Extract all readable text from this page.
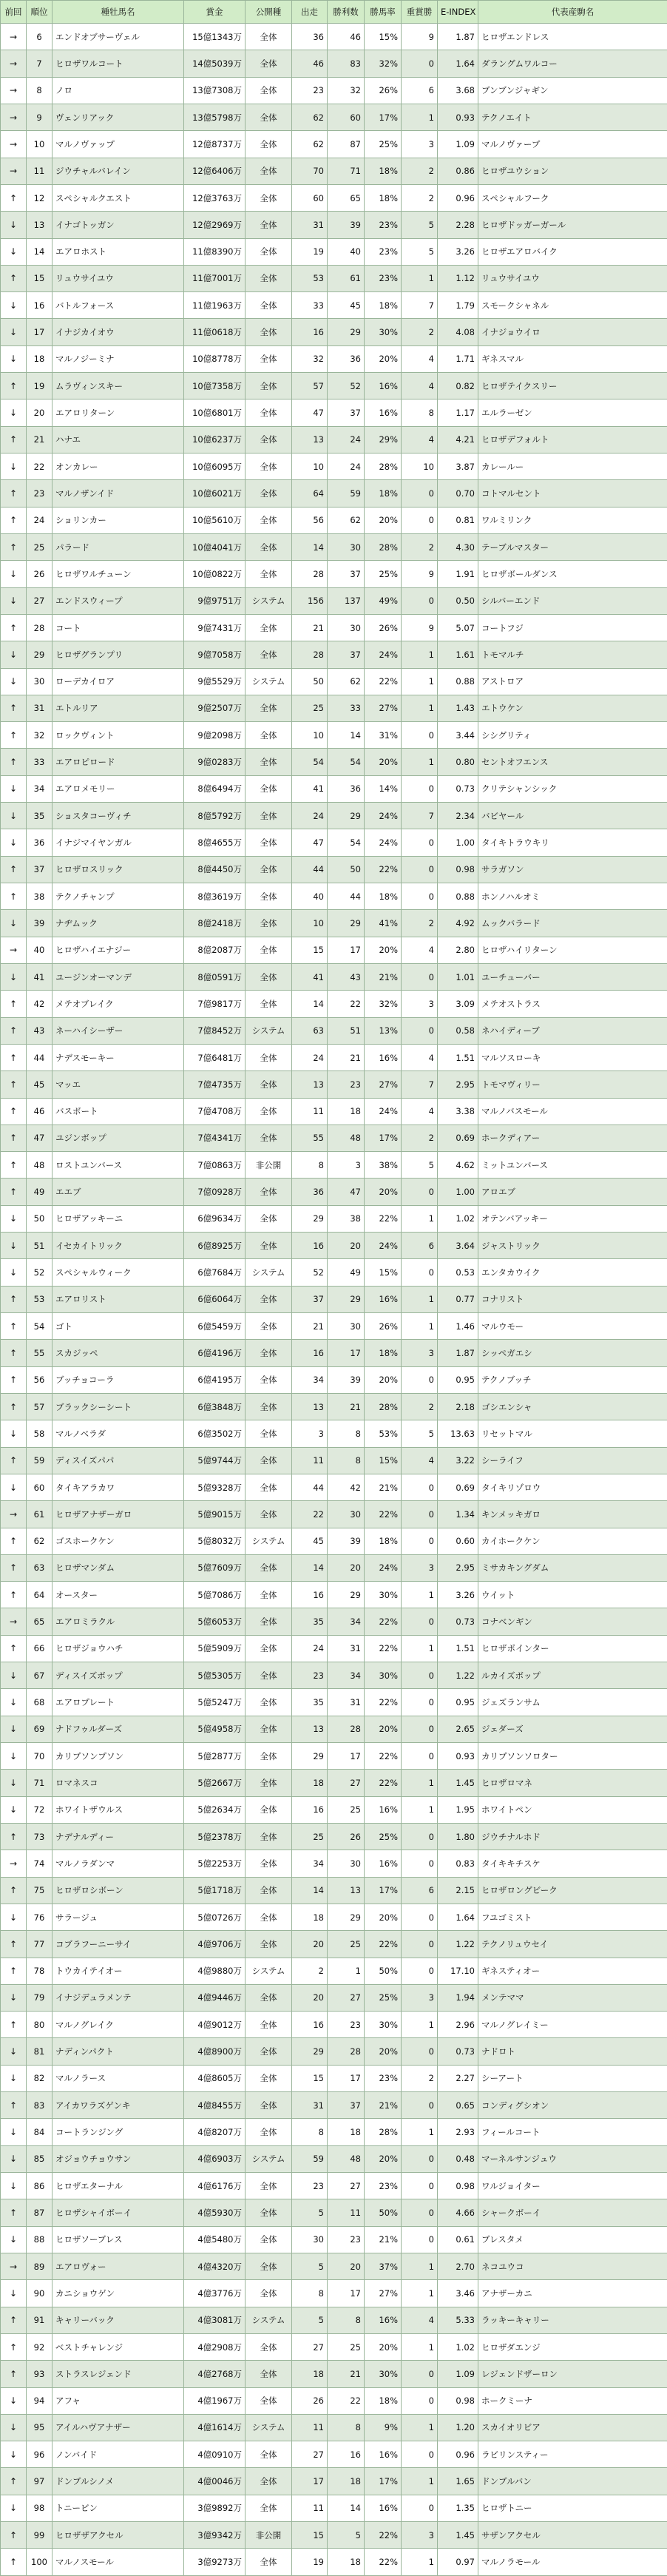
前回	順位	種牡馬名	賞金	公開種	出走	勝利数	勝馬率	重賞勝	E-INDEX	代表産駒名
→	6	エンドオブサーヴェル	15億1343万	全体	36	46	15%	9	1.87	ヒロザエンドレス
→	7	ヒロザワルコート	14億5039万	全体	46	83	32%	0	1.64	ダラングムワルコー
→	8	ノロ	13億7308万	全体	23	32	26%	6	3.68	ブンブンジャギン
→	9	ヴェンリアック	13億5798万	全体	62	60	17%	1	0.93	テクノエイト
→	10	マルノヴァップ	12億8737万	全体	62	87	25%	3	1.09	マルノヴァープ
→	11	ジウチャルバレイン	12億6406万	全体	70	71	18%	2	0.86	ヒロザユウション
↑	12	スペシャルクエスト	12億3763万	全体	60	65	18%	2	0.96	スペシャルフーク
↓	13	イナゴトッガン	12億2969万	全体	31	39	23%	5	2.28	ヒロザドッガーガール
↓	14	エアロホスト	11億8390万	全体	19	40	23%	5	3.26	ヒロザエアロバイク
↑	15	リュウサイユウ	11億7001万	全体	53	61	23%	1	1.12	リュウサイユウ
↓	16	バトルフォース	11億1963万	全体	33	45	18%	7	1.79	スモークシャネル
↓	17	イナジカイオウ	11億0618万	全体	16	29	30%	2	4.08	イナジョウイロ
↓	18	マルノジーミナ	10億8778万	全体	32	36	20%	4	1.71	ギネスマル
↑	19	ムラヴィンスキー	10億7358万	全体	57	52	16%	4	0.82	ヒロザテイクスリー
↓	20	エアロリターン	10億6801万	全体	47	37	16%	8	1.17	エルラーゼン
↑	21	ハナエ	10億6237万	全体	13	24	29%	4	4.21	ヒロザデフォルト
↓	22	オンカレー	10億6095万	全体	10	24	28%	10	3.87	カレールー
↑	23	マルノザンイド	10億6021万	全体	64	59	18%	0	0.70	コトマルセント
↑	24	ショリンカー	10億5610万	全体	56	62	20%	0	0.81	ワルミリンク
↑	25	パラード	10億4041万	全体	14	30	28%	2	4.30	テーブルマスター
↓	26	ヒロザワルチューン	10億0822万	全体	28	37	25%	9	1.91	ヒロザボールダンス
↓	27	エンドスウィープ	9億9751万	システム	156	137	49%	0	0.50	シルバーエンド
↑	28	コート	9億7431万	全体	21	30	26%	9	5.07	コートフジ
↓	29	ヒロザグランプリ	9億7058万	全体	28	37	24%	1	1.61	トモマルチ
↓	30	ローデカイロア	9億5529万	システム	50	62	22%	1	0.88	アストロア
↑	31	エトルリア	9億2507万	全体	25	33	27%	1	1.43	エトウケン
↑	32	ロックヴィント	9億2098万	全体	10	14	31%	0	3.44	シシグリティ
↑	33	エアロピロード	9億0283万	全体	54	54	20%	1	0.80	セントオフエンス
↓	34	エアロメモリー	8億6494万	全体	41	36	14%	0	0.73	クリテシャンシック
↓	35	ショスタコーヴィチ	8億5792万	全体	24	29	24%	7	2.34	バビヤール
↓	36	イナジマイヤンガル	8億4655万	全体	47	54	24%	0	1.00	タイキトラウキリ
↑	37	ヒロザロスリック	8億4450万	全体	44	50	22%	0	0.98	サラガソン
↑	38	テクノチャンプ	8億3619万	全体	40	44	18%	0	0.88	ホンノハルオミ
↓	39	ナヂムック	8億2418万	全体	10	29	41%	2	4.92	ムックバラード
→	40	ヒロザハイエナジー	8億2087万	全体	15	17	20%	4	2.80	ヒロザハイリターン
↓	41	ユージンオーマンデ	8億0591万	全体	41	43	21%	0	1.01	ユーチューバー
↑	42	メテオブレイク	7億9817万	全体	14	22	32%	3	3.09	メテオストラス
↑	43	ネーハイシーザー	7億8452万	システム	63	51	13%	0	0.58	ネハイディーブ
↑	44	ナデスモーキー	7億6481万	全体	24	21	16%	4	1.51	マルソスローキ
↑	45	マッエ	7億4735万	全体	13	23	27%	7	2.95	トモマヴィリー
↑	46	バスボート	7億4708万	全体	11	18	24%	4	3.38	マルノバスモール
↑	47	ユジンボップ	7億4341万	全体	55	48	17%	2	0.69	ホークディアー
↑	48	ロストユンバース	7億0863万	非公開	8	3	38%	5	4.62	ミットユンバース
↑	49	エエブ	7億0928万	全体	36	47	20%	0	1.00	アロエブ
↓	50	ヒロザアッキーニ	6億9634万	全体	29	38	22%	1	1.02	オテンバアッキー
↓	51	イセカイトリック	6億8925万	全体	16	20	24%	6	3.64	ジャストリック
↓	52	スペシャルウィーク	6億7684万	システム	52	49	15%	0	0.53	エンタカウイク
↑	53	エアロリスト	6億6064万	全体	37	29	16%	1	0.77	コナリスト
↑	54	ゴト	6億5459万	全体	21	30	26%	1	1.46	マルウモー
↑	55	スカジッペ	6億4196万	全体	16	17	18%	3	1.87	シッペガエシ
↑	56	ブッチョコーラ	6億4195万	全体	34	39	20%	0	0.95	テクノブッチ
↑	57	ブラックシーシート	6億3848万	全体	13	21	28%	2	2.18	ゴシエンシャ
↓	58	マルノベラダ	6億3502万	全体	3	8	53%	5	13.63	リセットマル
↑	59	ディスイズパパ	5億9744万	全体	11	8	15%	4	3.22	シーライフ
↓	60	タイキアラカワ	5億9328万	全体	44	42	21%	0	0.69	タイキリゾロウ
→	61	ヒロザアナザーガロ	5億9015万	全体	22	30	22%	0	1.34	キンメッキガロ
↑	62	ゴスホークケン	5億8032万	システム	45	39	18%	0	0.60	カイホークケン
↑	63	ヒロザマンダム	5億7609万	全体	14	20	24%	3	2.95	ミサカキングダム
↑	64	オースター	5億7086万	全体	16	29	30%	1	3.26	ウイット
→	65	エアロミラクル	5億6053万	全体	35	34	22%	0	0.73	コナベンギン
↑	66	ヒロザジョウハチ	5億5909万	全体	24	31	22%	1	1.51	ヒロザポインター
↓	67	ディスイズボップ	5億5305万	全体	23	34	30%	0	1.22	ルカイズボップ
↓	68	エアロプレート	5億5247万	全体	35	31	22%	0	0.95	ジェズランサム
↓	69	ナドフゥルダーズ	5億4958万	全体	13	28	20%	0	2.65	ジェダーズ
↓	70	カリプソンプソン	5億2877万	全体	29	17	22%	0	0.93	カリプソンソロター
↓	71	ロマネスコ	5億2667万	全体	18	27	22%	1	1.45	ヒロザロマネ
↓	72	ホワイトザウルス	5億2634万	全体	16	25	16%	1	1.95	ホワイトペン
↑	73	ナデナルディー	5億2378万	全体	25	26	25%	0	1.80	ジウチナルホド
→	74	マルノラダンマ	5億2253万	全体	34	30	16%	0	0.83	タイキキチスケ
↑	75	ヒロザロシボーン	5億1718万	全体	14	13	17%	6	2.15	ヒロザロングビーク
↓	76	サラージュ	5億0726万	全体	18	29	20%	0	1.64	フユゴミスト
↑	77	コブラフーニーサイ	4億9706万	全体	20	25	22%	0	1.22	テクノリュウセイ
↑	78	トウカイテイオー	4億9880万	システム	2	1	50%	0	17.10	ギネスティオー
↓	79	イナジデュラメンテ	4億9446万	全体	20	27	25%	3	1.94	メンテママ
↑	80	マルノグレイク	4億9012万	全体	16	23	30%	1	2.96	マルノグレイミー
↓	81	ナディンパクト	4億8900万	全体	29	28	20%	0	0.73	ナドロト
↓	82	マルノラース	4億8605万	全体	15	17	23%	2	2.27	シーアート
↑	83	アイカワラズゲンキ	4億8455万	全体	31	37	21%	0	0.65	コンディグシオン
↓	84	コートランジング	4億8207万	全体	8	18	28%	1	2.93	フィールコート
↓	85	オジョウチョウサン	4億6903万	システム	59	48	20%	0	0.48	マーネルサンジュウ
↓	86	ヒロザエターナル	4億6176万	全体	23	27	23%	0	0.98	ワルジョイター
↑	87	ヒロザシャイボーイ	4億5930万	全体	5	11	50%	0	4.66	シャークボーイ
↓	88	ヒロザソーブレス	4億5480万	全体	30	23	21%	0	0.61	ブレスタメ
→	89	エアロヴォー	4億4320万	全体	5	20	37%	1	2.70	ネコユウコ
↓	90	カニショウゲン	4億3776万	全体	8	17	27%	1	3.46	アナザーカニ
↑	91	キャリーバック	4億3081万	システム	5	8	16%	4	5.33	ラッキーキャリー
↑	92	ベストチャレンジ	4億2908万	全体	27	25	20%	1	1.02	ヒロザダエンジ
↑	93	ストラスレジェンド	4億2768万	全体	18	21	30%	0	1.09	レジェンドザーロン
↓	94	アフャ	4億1967万	全体	26	22	18%	0	0.98	ホークミーナ
↓	95	アイルハヴアナザー	4億1614万	システム	11	8	9%	1	1.20	スカイオリビア
↓	96	ノンバイド	4億0910万	全体	27	16	16%	0	0.96	ラビリンスティー
↑	97	ドンブルシノメ	4億0046万	全体	17	18	17%	1	1.65	ドンブルバン
↓	98	トニービン	3億9892万	全体	11	14	16%	0	1.35	ヒロザトニー
↑	99	ヒロザザアクセル	3億9342万	非公開	15	5	22%	3	1.45	サザンアクセル
↑	100	マルノスモール	3億9273万	全体	19	18	22%	1	0.97	マルノラモール
